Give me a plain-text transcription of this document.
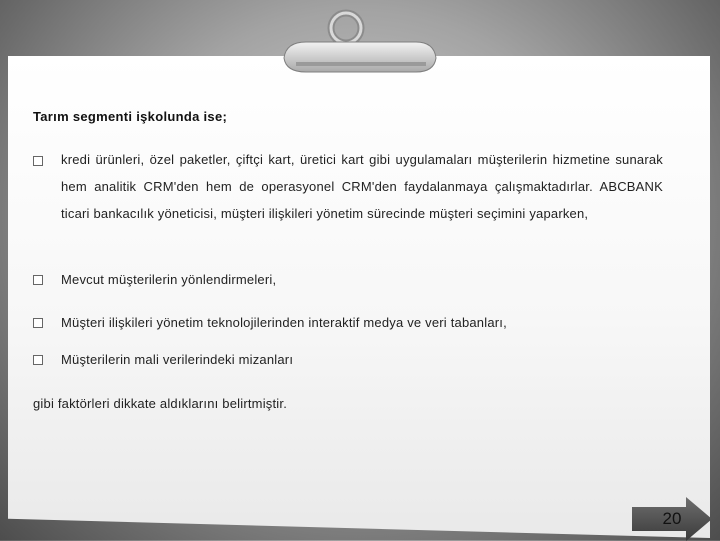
Tarım segmenti işkolunda ise;
kredi ürünleri, özel paketler, çiftçi kart, üretici kart gibi uygulamaları müşterilerin hizmetine sunarak hem analitik CRM'den hem de operasyonel CRM'den faydalanmaya çalışmaktadırlar. ABCBANK ticari bankacılık yöneticisi, müşteri ilişkileri yönetim sürecinde müşteri seçimini yaparken,
Mevcut müşterilerin yönlendirmeleri,
Müşteri ilişkileri yönetim teknolojilerinden interaktif medya ve veri tabanları,
Müşterilerin mali verilerindeki mizanları
gibi faktörleri dikkate aldıklarını belirtmiştir.
20
